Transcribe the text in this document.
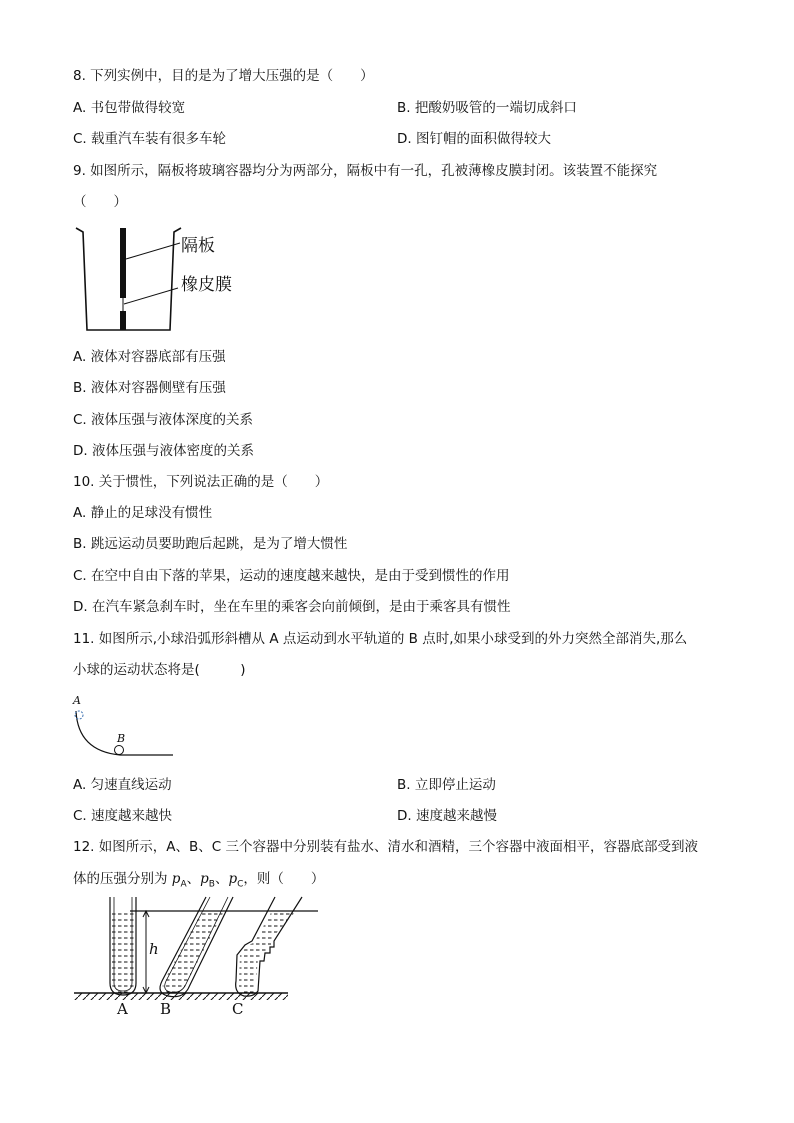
8. 下列实例中，目的是为了增大压强的是（　　）
A. 书包带做得较宽	B. 把酸奶吸管的一端切成斜口
C. 载重汽车装有很多车轮	D. 图钉帽的面积做得较大
9. 如图所示，隔板将玻璃容器均分为两部分，隔板中有一孔，孔被薄橡皮膜封闭。该装置不能探究
（　　）
隔板
橡皮膜
A. 液体对容器底部有压强
B. 液体对容器侧壁有压强
C. 液体压强与液体深度的关系
D. 液体压强与液体密度的关系
10. 关于惯性，下列说法正确的是（　　）
A. 静止的足球没有惯性
B. 跳远运动员要助跑后起跳，是为了增大惯性
C. 在空中自由下落的苹果，运动的速度越来越快，是由于受到惯性的作用
D. 在汽车紧急刹车时，坐在车里的乘客会向前倾倒，是由于乘客具有惯性
11. 如图所示,小球沿弧形斜槽从 A 点运动到水平轨道的 B 点时,如果小球受到的外力突然全部消失,那么
小球的运动状态将是(　　　)
A
B
A. 匀速直线运动	B. 立即停止运动
C. 速度越来越快	D. 速度越来越慢
12. 如图所示，A、B、C 三个容器中分别装有盐水、清水和酒精，三个容器中液面相平，容器底部受到液
体的压强分别为 $p_A$、$p_B$、$p_C$，则（　　）
h
A B	C
